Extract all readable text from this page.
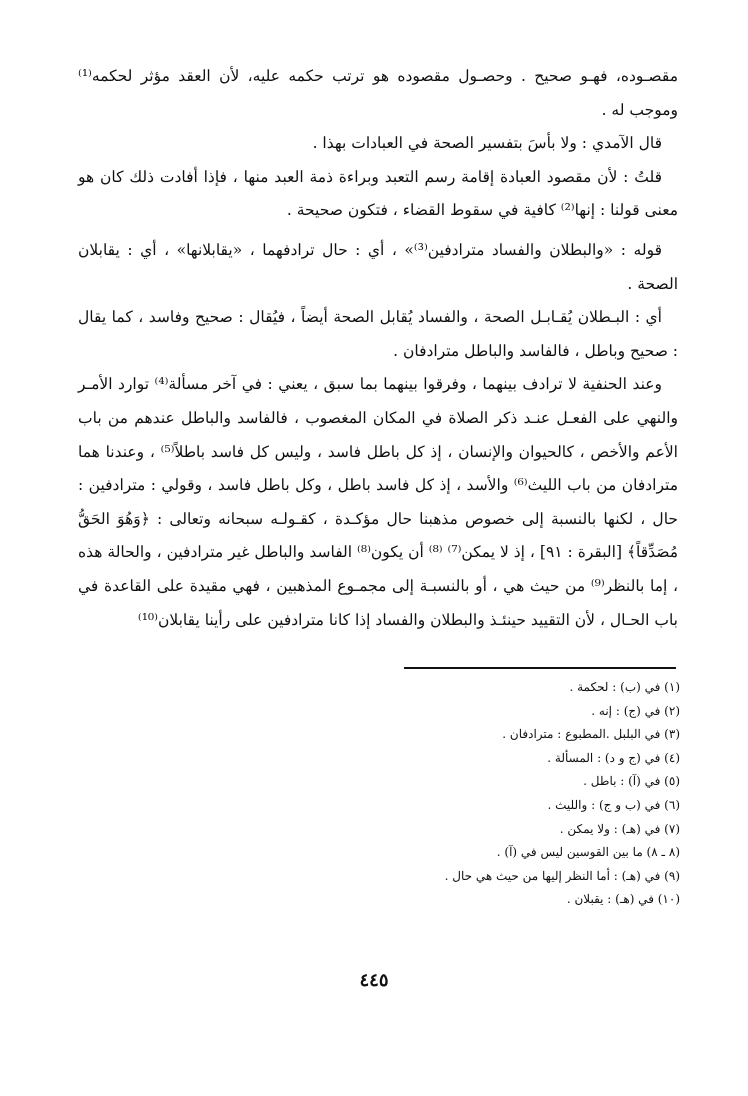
مقصـوده، فهـو صحيح . وحصـول مقصوده هو ترتب حكمه عليه، لأن العقد مؤثر لحكمه⁽¹⁾ وموجب له .

قال الآمدي : ولا بأسَ بتفسير الصحة في العبادات بهذا .

قلتُ : لأن مقصود العبادة إقامة رسم التعبد وبراءة ذمة العبد منها ، فإذا أفادت ذلك كان هو معنى قولنا : إنها⁽²⁾ كافية في سقوط القضاء ، فتكون صحيحة .

قوله : «والبطلان والفساد مترادفين⁽³⁾» ، أي : حال ترادفهما ، «يقابلانها» ، أي : يقابلان الصحة .

أي : البـطلان يُقـابـل الصحة ، والفساد يُقابل الصحة أيضاً ، فيُقال : صحيح وفاسد ، كما يقال : صحيح وباطل ، فالفاسد والباطل مترادفان .

وعند الحنفية لا ترادف بينهما ، وفرقوا بينهما بما سبق ، يعني : في آخر مسألة⁽⁴⁾ توارد الأمـر والنهي على الفعـل عنـد ذكر الصلاة في المكان المغصوب ، فالفاسد والباطل عندهم من باب الأعم والأخص ، كالحيوان والإنسان ، إذ كل باطل فاسد ، وليس كل فاسد باطلاً⁽⁵⁾ ، وعندنا هما مترادفان من باب الليث⁽⁶⁾ والأسد ، إذ كل فاسد باطل ، وكل باطل فاسد ، وقولي : مترادفين : حال ، لكنها بالنسبة إلى خصوص مذهبنا حال مؤكـدة ، كقـولـه سبحانه وتعالى : ﴿وَهُوَ الحَقُّ مُصَدِّقاً﴾ [البقرة : ٩١] ، إذ لا يمكن⁽⁷⁾ ⁽⁸⁾ أن يكون⁽⁸⁾ الفاسد والباطل غير مترادفين ، والحالة هذه ، إما بالنظر⁽⁹⁾ من حيث هي ، أو بالنسبـة إلى مجمـوع المذهبين ، فهي مقيدة على القاعدة في باب الحـال ، لأن التقييد حينئـذ والبطلان والفساد إذا كانا مترادفين على رأينا يقابلان⁽¹⁰⁾

(١) في (ب) : لحكمة .
(٢) في (ج) : إنه .
(٣) في البلبل .المطبوع : مترادفان .
(٤) في (ج و د) : المسألة .
(٥) في (آ) : باطل .
(٦) في (ب و ج) : والليث .
(٧) في (هـ) : ولا يمكن .
(٨ ـ ٨) ما بين القوسين ليس في (آ) .
(٩) في (هـ) : أما النظر إليها من حيث هي حال .
(١٠) في (هـ) : يقبلان .
٤٤٥
